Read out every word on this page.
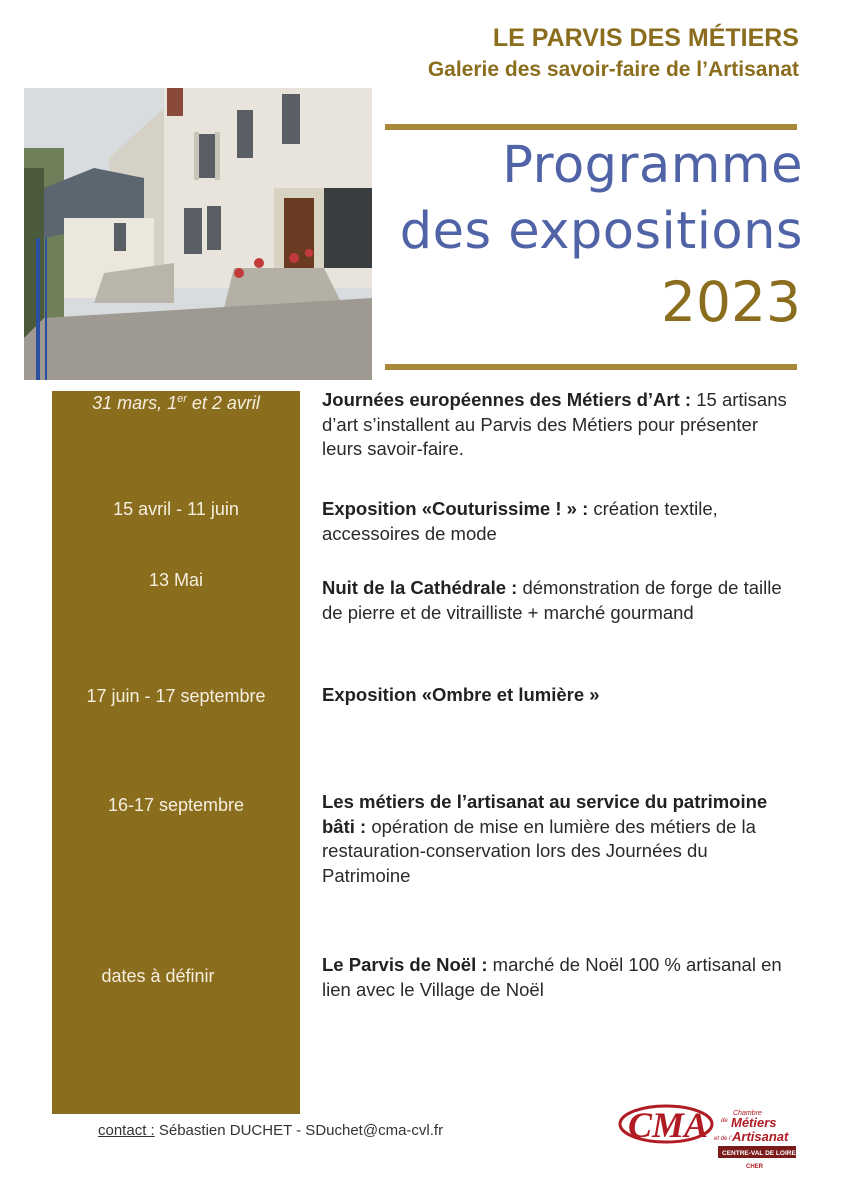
LE PARVIS DES MÉTIERS
Galerie des savoir-faire de l’Artisanat
Programme
des expositions
2023
31 mars, 1er et 2 avril
15 avril - 11 juin
13 Mai
17 juin - 17 septembre
16-17 septembre
dates à définir
Journées européennes des Métiers d’Art : 15 artisans d’art s’installent au Parvis des Métiers pour présenter leurs savoir-faire.
Exposition «Couturissime ! » : création textile, accessoires de mode
Nuit de la Cathédrale : démonstration de forge de taille de pierre et de vitrailliste + marché gourmand
Exposition «Ombre et lumière »
Les métiers de l’artisanat au service du patrimoine bâti : opération de mise en lumière des métiers de la restauration-conservation lors des Journées du Patrimoine
Le Parvis de Noël : marché de Noël 100 % artisanal en lien avec le Village de Noël
contact : Sébastien DUCHET - SDuchet@cma-cvl.fr	CMA	Chambre
de Métiers
et de l’ Artisanat
CENTRE-VAL DE LOIRE
CHER
